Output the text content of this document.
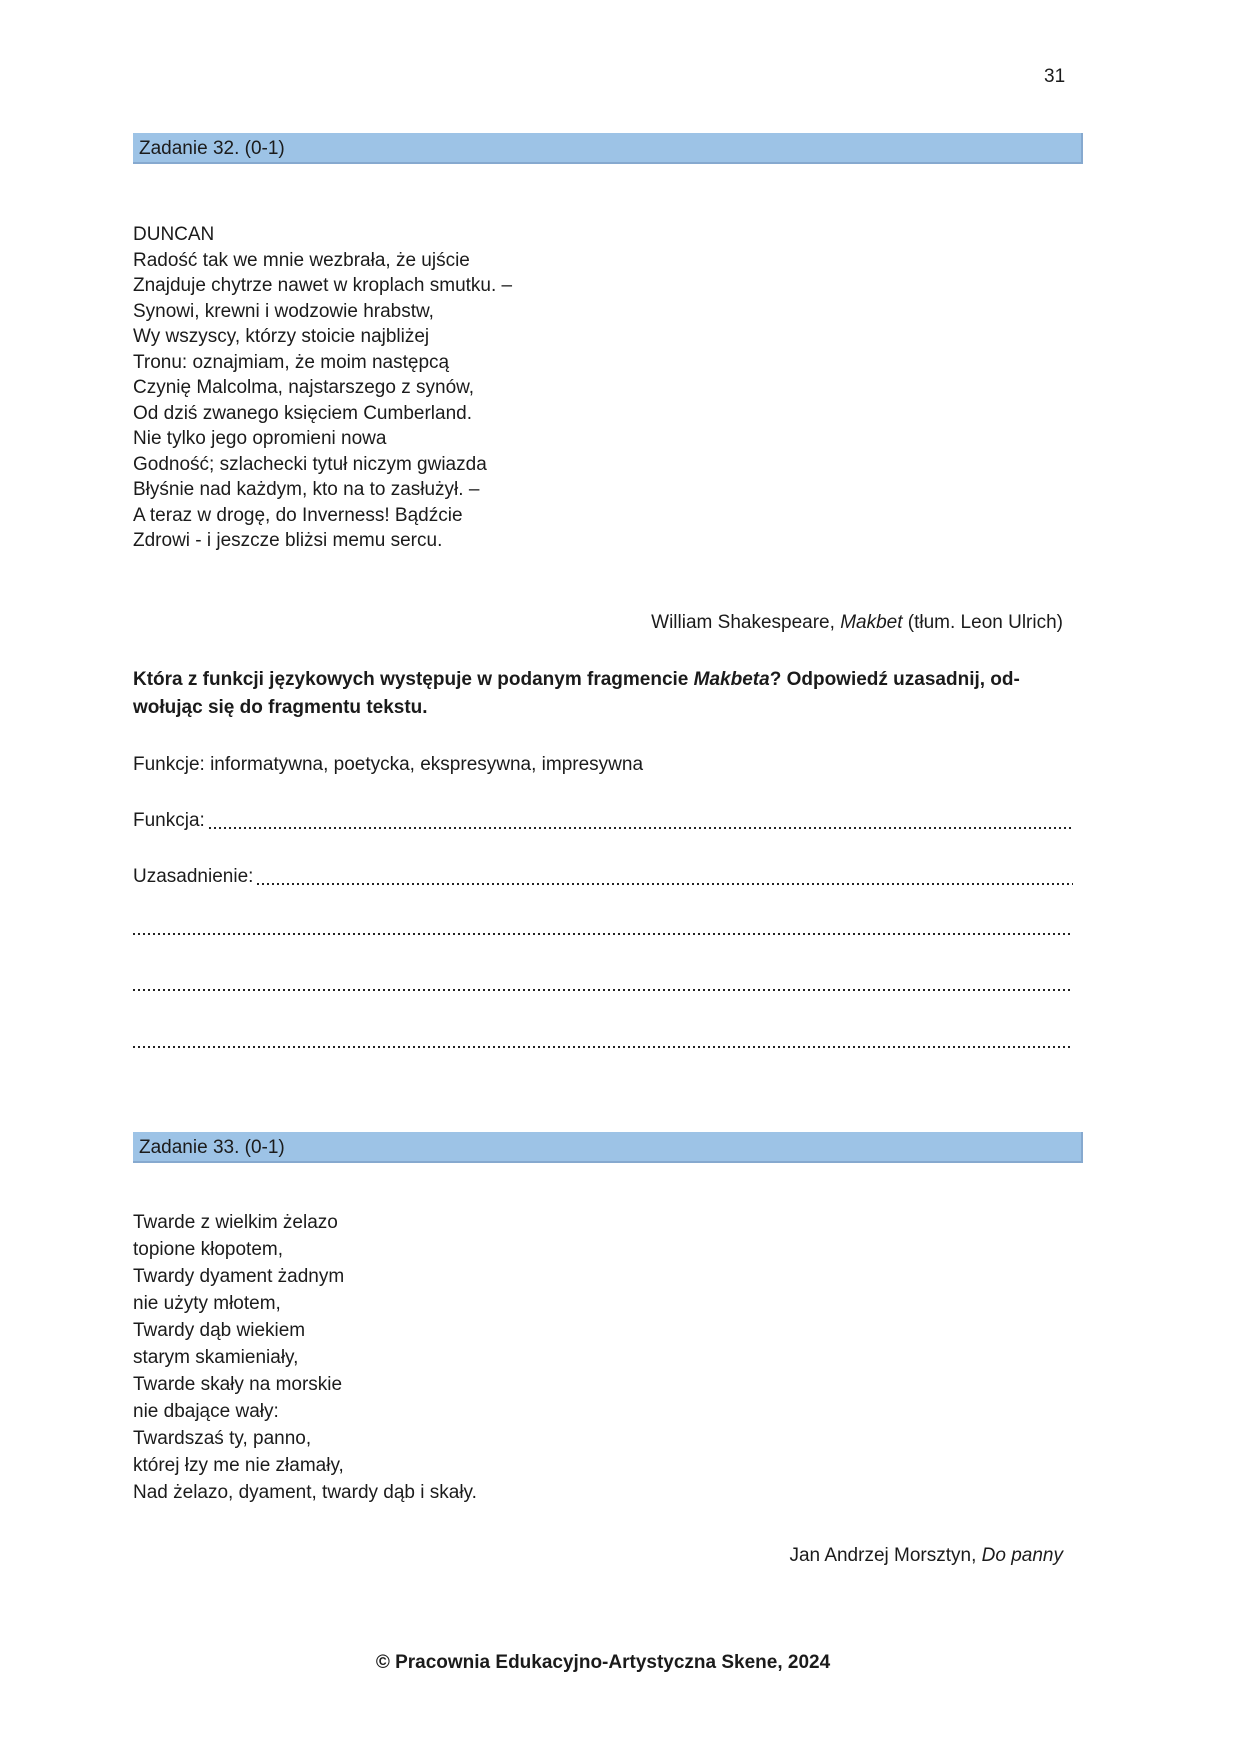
31
Zadanie 32. (0-1)
DUNCAN
Radość tak we mnie wezbrała, że ujście
Znajduje chytrze nawet w kroplach smutku. –
Synowi, krewni i wodzowie hrabstw,
Wy wszyscy, którzy stoicie najbliżej
Tronu: oznajmiam, że moim następcą
Czynię Malcolma, najstarszego z synów,
Od dziś zwanego księciem Cumberland.
Nie tylko jego opromieni nowa
Godność; szlachecki tytuł niczym gwiazda
Błyśnie nad każdym, kto na to zasłużył. –
A teraz w drogę, do Inverness! Bądźcie
Zdrowi - i jeszcze bliżsi memu sercu.
William Shakespeare, Makbet (tłum. Leon Ulrich)
Która z funkcji językowych występuje w podanym fragmencie Makbeta? Odpowiedź uzasadnij, od-
wołując się do fragmentu tekstu.
Funkcje: informatywna, poetycka, ekspresywna, impresywna
Funkcja:
Uzasadnienie:
Zadanie 33. (0-1)
Twarde z wielkim żelazo
topione kłopotem,
Twardy dyament żadnym
nie użyty młotem,
Twardy dąb wiekiem
starym skamieniały,
Twarde skały na morskie
nie dbające wały:
Twardszaś ty, panno,
której łzy me nie złamały,
Nad żelazo, dyament, twardy dąb i skały.
Jan Andrzej Morsztyn, Do panny
© Pracownia Edukacyjno-Artystyczna Skene, 2024
